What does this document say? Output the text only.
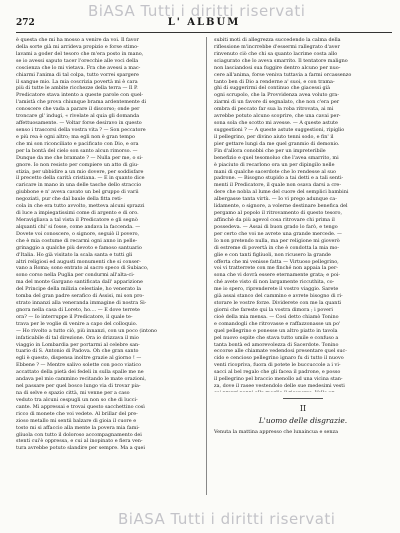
BiASA Tutti i diritti riservati
272	L' ALBUM
è questa che mi ha mosso a venire da voi. Il favor
della sorte già mi arrideva propizio e forse stimo-
lavami a goder del tesoro che m'era posto in mano,
se io avessi saputo tacer l'orecchie alle voci della
coscienza che lo mi vietava. Fra che avessi a mac-
chiarmi l'anima di tal colpa, tutto vorrei spargere
il sangue mio. La mia coscrizia povertà mi è cara
più di tutte le ambite ricchezze della terra — Il P.
Predicatore stava intento a queste parole con quel-
l'amistà che prova chiunque brama ardentemente di
conoscere che vada a parare il discorso; onde per
troncare gl' indugi, « rivelate al quia gli domanda
affettuosamente. — Voltar forse desiravo in questo
senso i trascorsi della vostra vita ? — Son peccatore
e più rea è ogni altro; ma egli non è gran tempo
che mi son riconciliato e pacificato con Dio, e ora
per la bontà del cielo son santo alcun rimorso. —
Dunque da me che bramate ? — Nulla per me, o si-
gnore. Io non resisto per compiere un atto di giu-
stizia, per ubbidire a un mio dovere, per soddisfare
il precetto della carità cristiana. — E in quanto dice
caricare in mano in una delle tasche dello straccio
giubbone e n' aveva cavato un bel gruppo di varii
negoziati, pur che dal baule della fitta reti-
cola in che era tutto avvolto, metteva alcuni sprazzi
di luce a impiegatissimi come di argento e di oro.
Meravigliava a tal vista il Predicatore e gli segnò
alquanti chi' si fosse, come andava la faccenda. —
Dovete voi conoscere, o signore, seguiò il povero,
che è mia costume di recarmi ogni anno in pelle-
grinaggio a qualche più devoto e famoso santuario
d'Italia. Ho già visitato la scala santa e tutti gli
altri religiosi ed augusti monumenti che si conser-
vano a Roma; sono entrato al sacro speco di Subiaco,
sono corso nella Puglia per condurmi all'alta-ci-
ma del monte Gargano santificata dall' apparizione
del Principe della milizia celestiale, ho venerato la
tomba del gran padre serafico di Assisi, mi son pro-
strato innanzi alla veneranda immagine di nostra Si-
gnora nella casa di Loreto, ho.... — E dove terrete
ora? — Io interruppe il Predicatore, il quale te-
trava per le voglie di venire a capo del colloquio.
— Ho rivolto a tutto ciò, più innanzi, con un poco (intono
infaticabile di tal direzione. Ora io drizzava il mio
viaggio in Lombardia per portarmi al celebre san-
tuario di S. Antonio di Padova. Oh che gran santo
egli è questo, dispensa inoltre grazie al giorno ! —
Ebbene ? — Mentre salivo solette con poco viatico
accattato della pietà dei fedeli in sulla spalle me ne
andava pel mio cammino recitando le mate orazioni,
nel passare per quel bosco lungo via di trovar pia-
na di selve e spazio città, mi venne per a caso
veduto tra alcuni cespugli un non so che di lucci-
cante. Mi appressai e trovai questo sacchettino così
ricco di monete che voi vedete. Al brillar del pre-
zioso metallo mi sentii balzare di gioia il cuore e
tosto mi si affaccio alla mente la povera mia fami-
gliuola con tutto il doloroso accompagnamento dei
stenti cui'è oppressa, e cui al inopinato e fiera ven-
tura avrebbe potuto slandire per sempre. Ma a quei
subiti moti di allegrezza succedendo la calma della
riflessione m'incrrebbe d'essermi rallegrato d'aver
rinvenuto ciò che chi sa quanto lacrime costa allo
sciagurato che lo aveva smarrito. Il tentatore maligno
non lasciandosi sua fuggire dentro alcuno per nuo-
cere all'anima, forse veniva tuttavia a farmi orcassenzo
tanto ben di Dio a renderne a' suoi, e con trama-
ghi di suggerirmi del continuo che giacessi già
ogni scrupolo, che la Provvidenza avea voluto gra-
ziarmi di un favore di segnalato, che non c'era per
ombra di peccato far sua la roba ritrovata, ai mi
avrebbe potuto alcuno scoprire, che una cavai per-
sona sola che scotto mi avesse. — A queste astute
suggestioni ? — A queste astute suggestioni, ripiglio
il pellegrino, per divino aiuto tenni sodo, e fin' il
pier gettare lungi da me quel granmio di demonio.
Fin d'allora conobbi che per un impreteribile
benefizio e quel tesomoluo che l'avea smarrito, mi
è piaciuto di recarlono ora un per dipingilo nelle
mani di qualche sacerdote che lo rendesse al suo
padrone. — Bisogno stupido a tai detti e a tali senti-
menti il Predicatore, il quale non osava darsi a cre-
dere che nobla al lume del cuore del semplici bambini
albergasse tanta virtù. — Io vi prego adunque ca-
lidamente, o signore, a volerne destinare benefica del
pergamo al popolo il ritrovamento di questo tesoro,
affinchè da più agevol cosa ritrovare chi prima il
possedeva. — Assai di buon grado lo farò, e tengo
per certo che voi ne avrete una grande mercede. —
Io non pretendo nulla, ma per religione mi gioverò
di estreme di povertà in che è condotta la mia mo-
glie e con tanti figliuoli, non ricusero la grande
offerta che mi venisse fatta — Virtuoso pellegrino,
voi vi tratterrete con me finché non appaia la per-
sona che vi dovrà essere eternamente grata; e poi-
ché avete visto di non largamente riccuthita, co-
me io spero, riprenderete il vostro viaggio. Sarete
già assai stanco del cammino e avrete bisogno di ri-
storare le vostre forze. Dividerete con me la quanti
giorni che fareste qui la vostra dimora ; i poveri
cioè della mia mensa. — Così detto chiamò Tonino
e comandogli che ritrovasse e raffazzonasse un po'
quel pellegrino e ponesse un altro piatto in tavola
pel nuovo ospite che stava tutto umile e confuso a
tanta bontà ed amorevolezza di Sacerdote. Tonino
eccorse alle chiamate vedendosi presentare quel suc-
cido e cencioso pellegrino ignaro fu di tutto il nuovo
venti ricopriva, fuora di potete le buccuccole a i vi-
sacci al bel regalo che gli facea il padrone, e posso
il pellegrino pel braccio menollo ad una vicina stan-
za, dove il rasee vestendolo delle sue medesimi vesti
II
L'uomo delle disgrazie.
Venuta la mattina appresso che lunaincua e senza
BiASA Tutti i diritti riservati
